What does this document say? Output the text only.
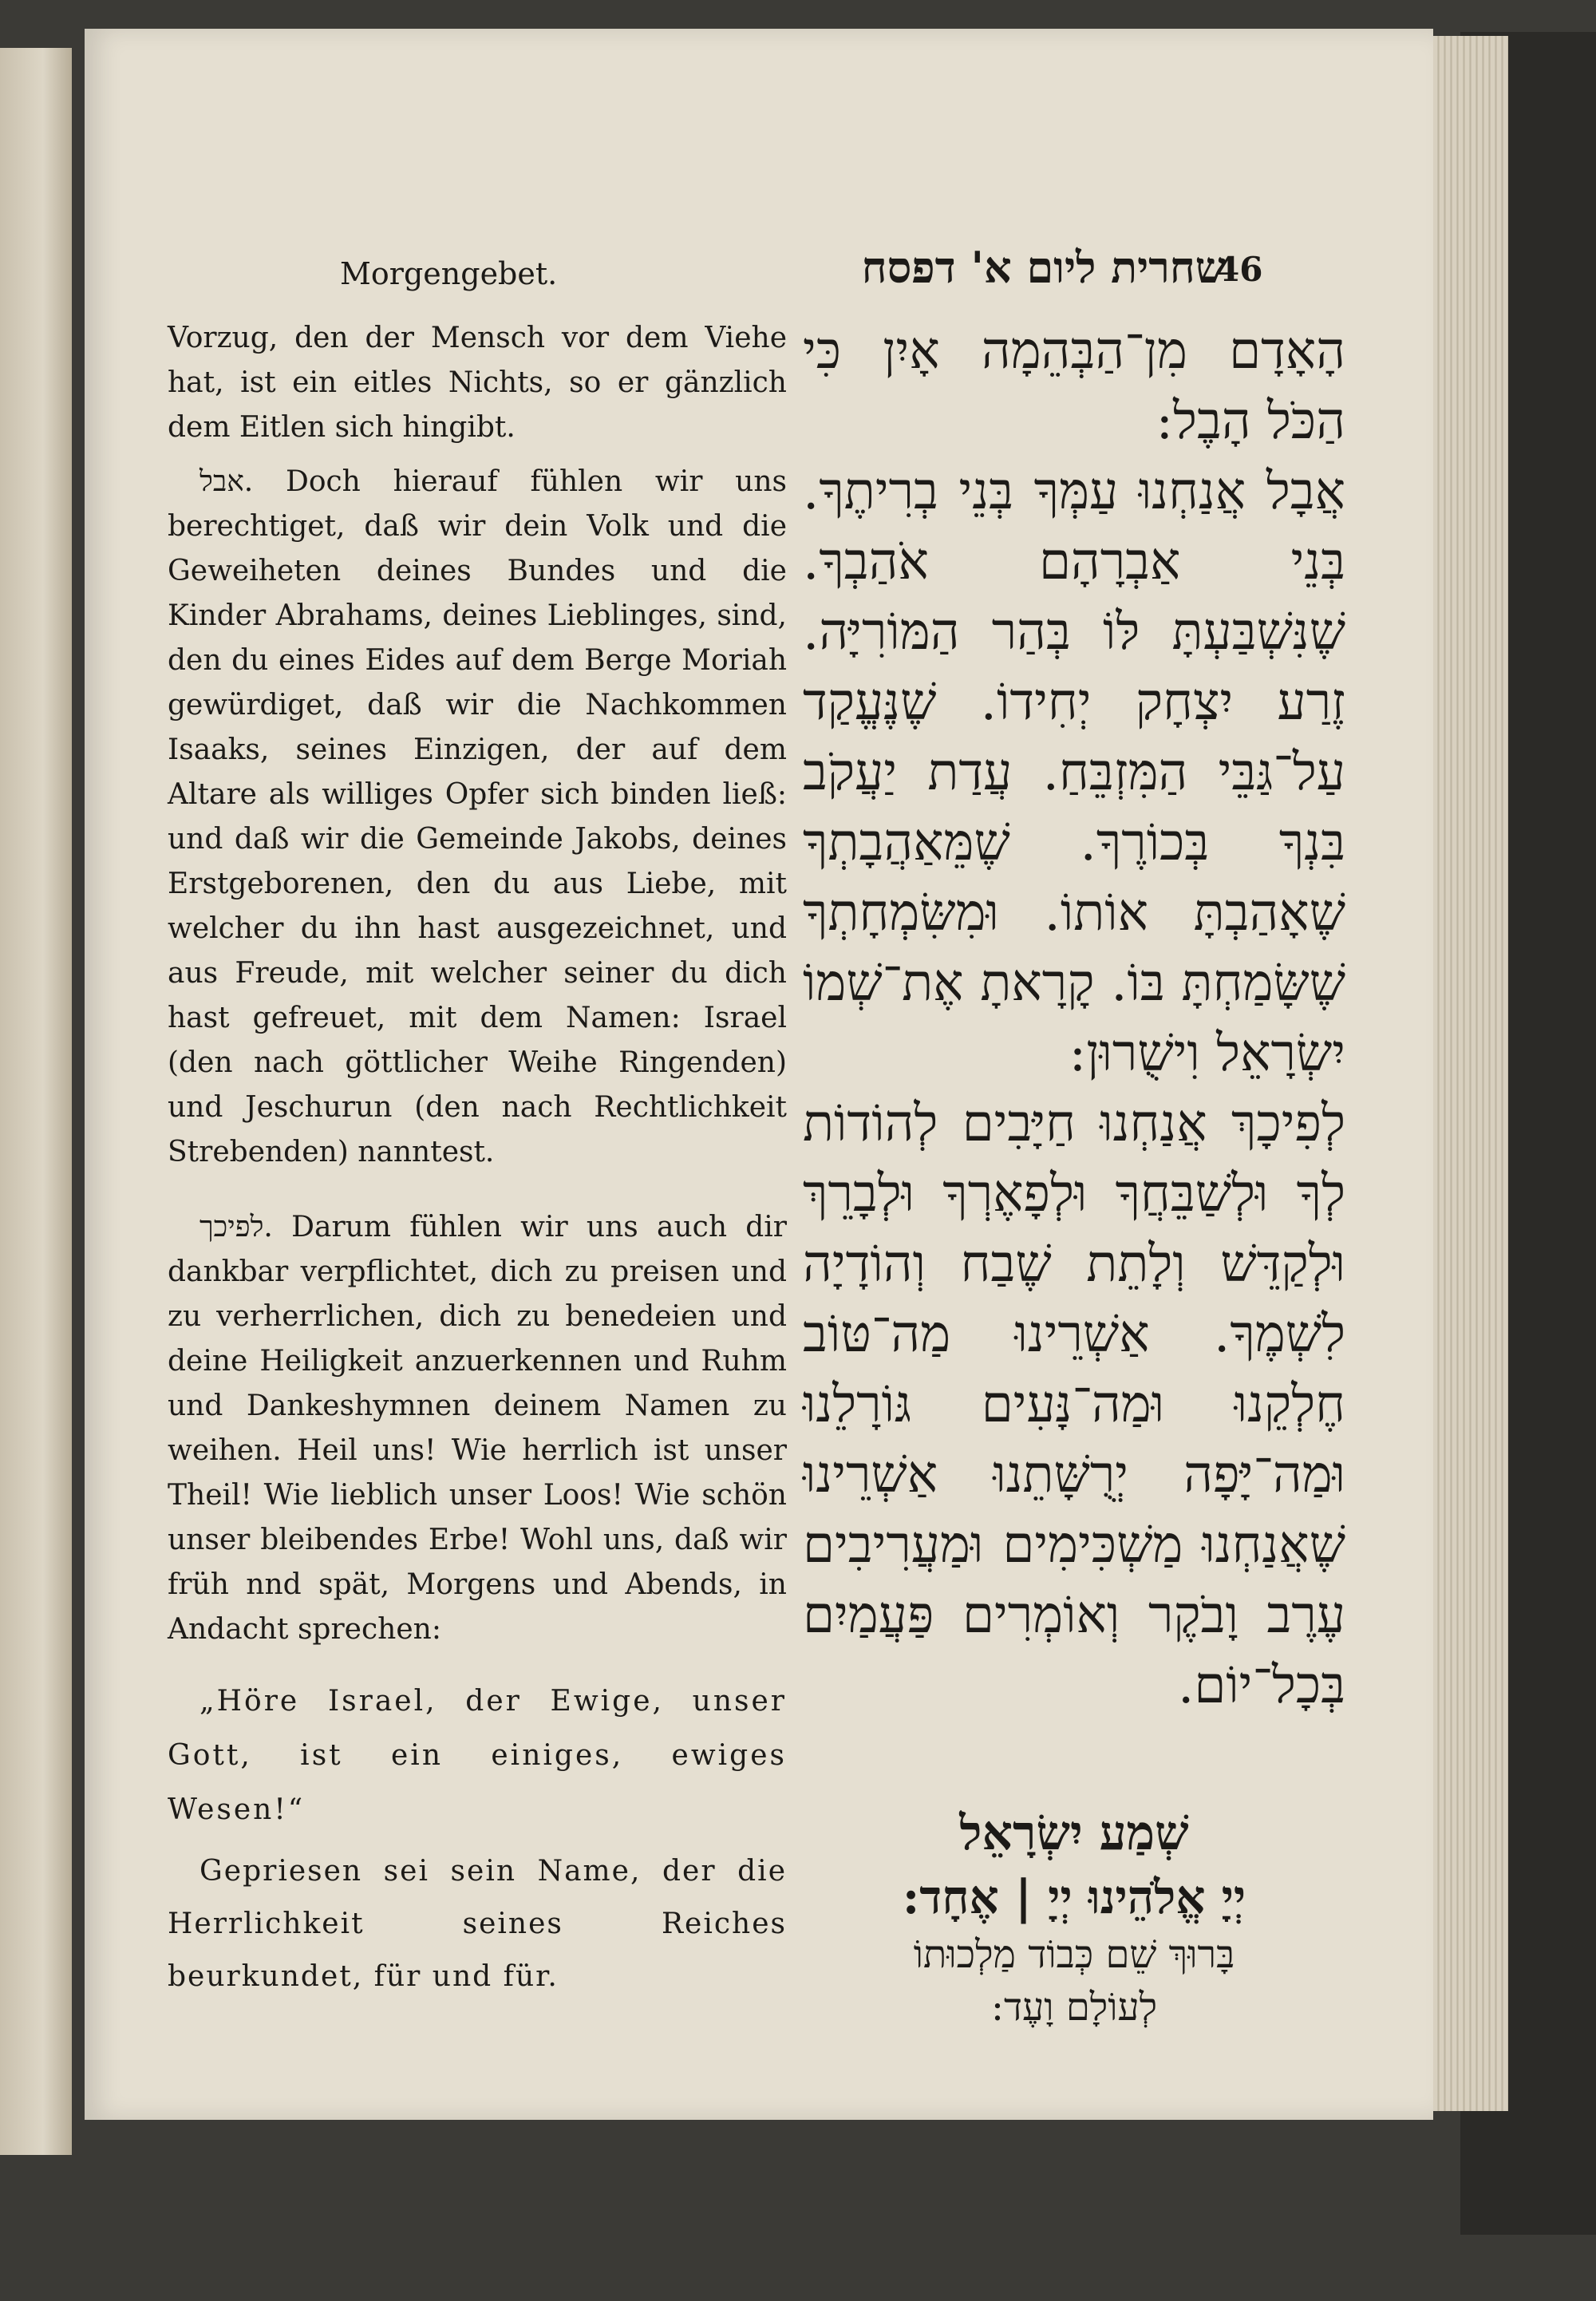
Morgengebet.	שחרית ליום א' דפסח
46

Vorzug, den der Mensch vor dem Viehe hat, ist ein eitles Nichts, so er gänzlich dem Eitlen sich hingibt.

אבל. Doch hierauf fühlen wir uns berechtiget, daß wir dein Volk und die Geweiheten deines Bundes und die Kinder Abrahams, deines Lieblinges, sind, den du eines Eides auf dem Berge Moriah gewürdiget, daß wir die Nachkommen Isaaks, seines Einzigen, der auf dem Altare als williges Opfer sich binden ließ: und daß wir die Gemeinde Jakobs, deines Erstgeborenen, den du aus Liebe, mit welcher du ihn hast ausgezeichnet, und aus Freude, mit welcher seiner du dich hast gefreuet, mit dem Namen: Israel (den nach göttlicher Weihe Ringenden) und Jeschurun (den nach Rechtlichkeit Strebenden) nanntest.

לפיכך. Darum fühlen wir uns auch dir dankbar verpflichtet, dich zu preisen und zu verherrlichen, dich zu benedeien und deine Heiligkeit anzuerkennen und Ruhm und Dankeshymnen deinem Namen zu weihen. Heil uns! Wie herrlich ist unser Theil! Wie lieblich unser Loos! Wie schön unser bleibendes Erbe! Wohl uns, daß wir früh nnd spät, Morgens und Abends, in Andacht sprechen:

„Höre Israel, der Ewige, unser Gott, ist ein einiges, ewiges Wesen!“

Gepriesen sei sein Name, der die Herrlichkeit seines Reiches beurkundet, für und für.

הָאָדָם מִן־הַבְּהֵמָה אָיִן כִּי הַכֹּל הָבֶל:

אֲבָל אֲנַחְנוּ עַמְּךָ בְּנֵי בְרִיתֶךָ. בְּנֵי אַבְרָהָם אֹהַבְךָ. שֶׁנִּשְׁבַּעְתָּ לּוֹ בְּהַר הַמּוֹרִיָּה. זֶרַע יִצְחָק יְחִידוֹ. שֶׁנֶּעֱקַד עַל־גַּבֵּי הַמִּזְבֵּחַ. עֲדַת יַעֲקֹב בִּנְךָ בְּכוֹרֶךָ. שֶׁמֵּאַהֲבָתְךָ שֶׁאָהַבְתָּ אוֹתוֹ. וּמִשִּׂמְחָתְךָ שֶׁשָּׂמַחְתָּ בּוֹ. קָרָאתָ אֶת־שְׁמוֹ יִשְׂרָאֵל וִישֻׁרוּן:

לְפִיכָךְ אֲנַחְנוּ חַיָּבִים לְהוֹדוֹת לְךָ וּלְשַׁבֵּחֲךָ וּלְפָאֶרְךָ וּלְבָרֵךְ וּלְקַדֵּשׁ וְלָתֵת שֶׁבַח וְהוֹדָיָה לִשְׁמֶךָ. אַשְׁרֵינוּ מַה־טּוֹב חֶלְקֵנוּ וּמַה־נָּעִים גּוֹרָלֵנוּ וּמַה־יָּפָה יְרֻשָּׁתֵנוּ אַשְׁרֵינוּ שֶׁאֲנַחְנוּ מַשְׁכִּימִים וּמַעֲרִיבִים עֶרֶב וָבֹקֶר וְאוֹמְרִים פַּעֲמַיִם בְּכָל־יוֹם.

שְׁמַע יִשְׂרָאֵל
יְיָ אֱלֹהֵינוּ יְיָ | אֶחָד:
בָּרוּךְ שֵׁם כְּבוֹד מַלְכוּתוֹ
לְעוֹלָם וָעֶד:
